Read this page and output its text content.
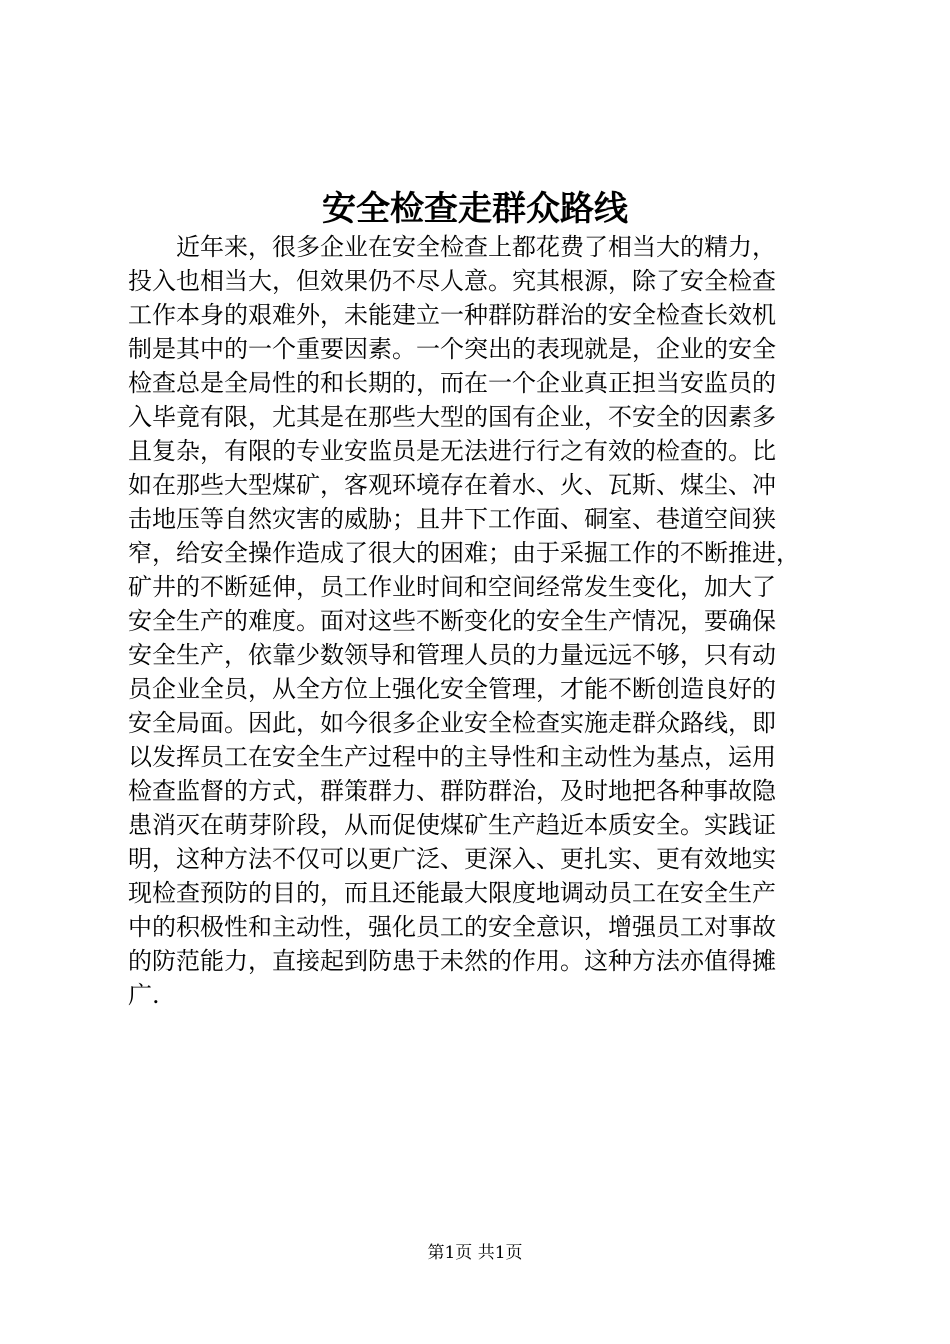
安全检查走群众路线
　　近年来，很多企业在安全检查上都花费了相当大的精力，
投入也相当大，但效果仍不尽人意。究其根源，除了安全检查
工作本身的艰难外，未能建立一种群防群治的安全检查长效机
制是其中的一个重要因素。一个突出的表现就是，企业的安全
检查总是全局性的和长期的，而在一个企业真正担当安监员的
入毕竟有限，尤其是在那些大型的国有企业，不安全的因素多
且复杂，有限的专业安监员是无法进行行之有效的检查的。比
如在那些大型煤矿，客观环境存在着水、火、瓦斯、煤尘、冲
击地压等自然灾害的威胁；且井下工作面、硐室、巷道空间狭
窄，给安全操作造成了很大的困难；由于采掘工作的不断推进，
矿井的不断延伸，员工作业时间和空间经常发生变化，加大了
安全生产的难度。面对这些不断变化的安全生产情况，要确保
安全生产，依靠少数领导和管理人员的力量远远不够，只有动
员企业全员，从全方位上强化安全管理，才能不断创造良好的
安全局面。因此，如今很多企业安全检查实施走群众路线，即
以发挥员工在安全生产过程中的主导性和主动性为基点，运用
检查监督的方式，群策群力、群防群治，及时地把各种事故隐
患消灭在萌芽阶段，从而促使煤矿生产趋近本质安全。实践证
明，这种方法不仅可以更广泛、更深入、更扎实、更有效地实
现检查预防的目的，而且还能最大限度地调动员工在安全生产
中的积极性和主动性，强化员工的安全意识，增强员工对事故
的防范能力，直接起到防患于未然的作用。这种方法亦值得摊
广.
第1页 共1页
